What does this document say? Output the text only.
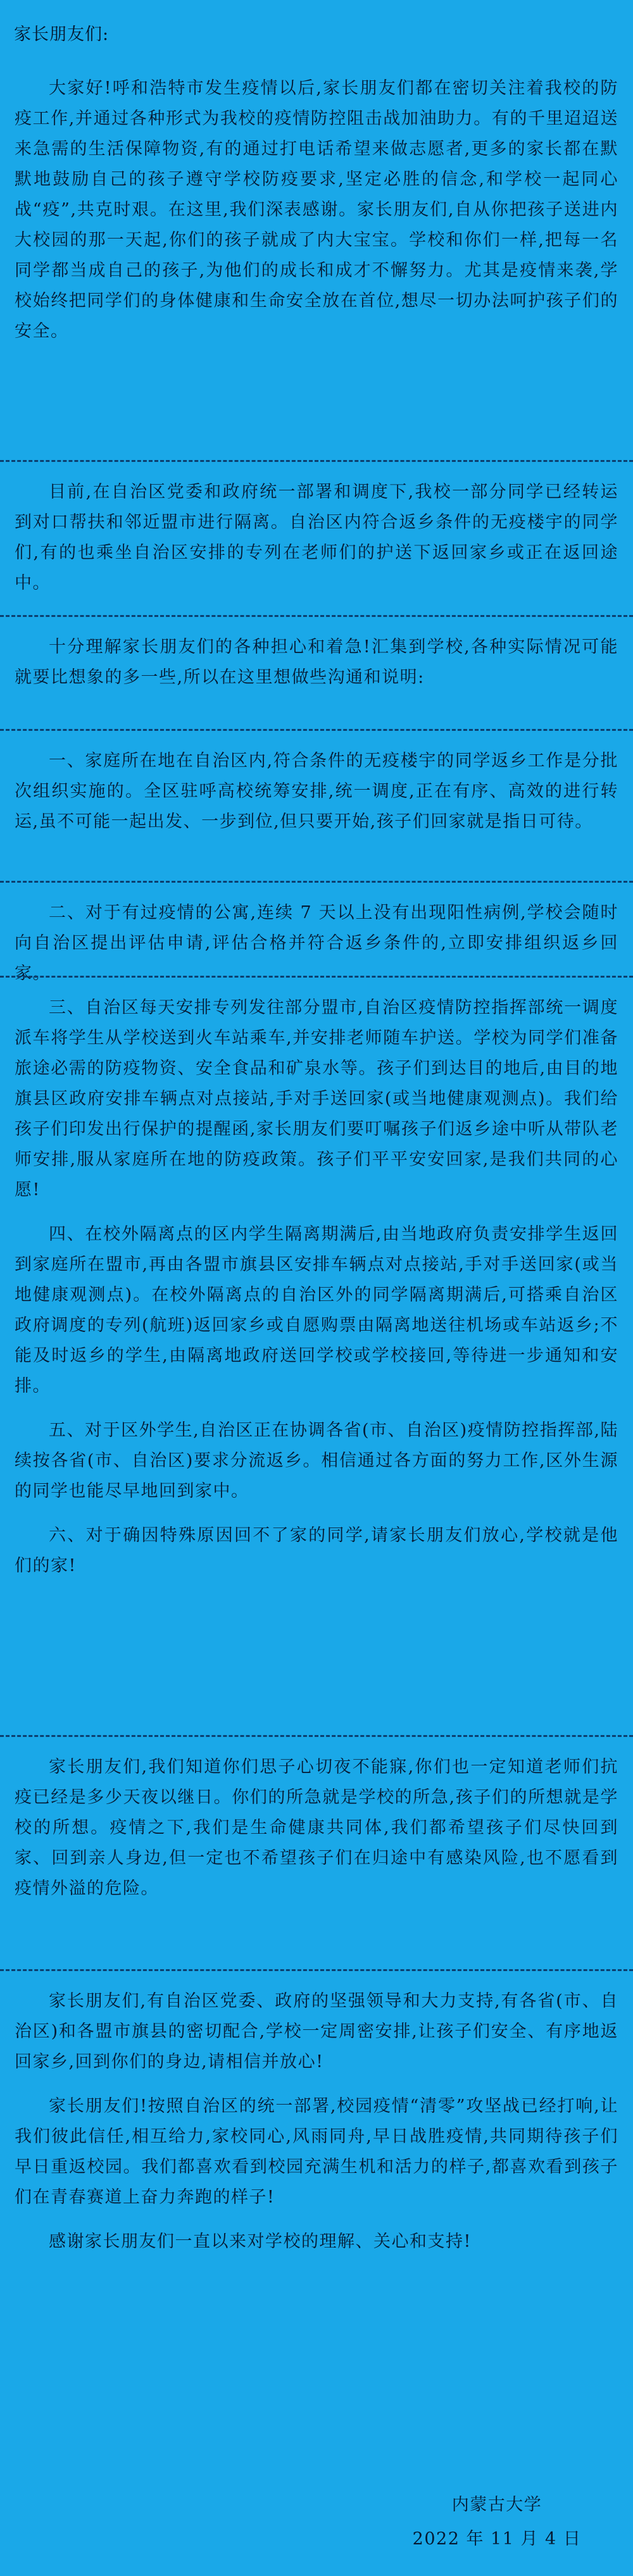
家长朋友们:

大家好!呼和浩特市发生疫情以后,家长朋友们都在密切关注着我校的防疫工作,并通过各种形式为我校的疫情防控阻击战加油助力。有的千里迢迢送来急需的生活保障物资,有的通过打电话希望来做志愿者,更多的家长都在默默地鼓励自己的孩子遵守学校防疫要求,坚定必胜的信念,和学校一起同心战“疫”,共克时艰。在这里,我们深表感谢。家长朋友们,自从你把孩子送进内大校园的那一天起,你们的孩子就成了内大宝宝。学校和你们一样,把每一名同学都当成自己的孩子,为他们的成长和成才不懈努力。尤其是疫情来袭,学校始终把同学们的身体健康和生命安全放在首位,想尽一切办法呵护孩子们的安全。

目前,在自治区党委和政府统一部署和调度下,我校一部分同学已经转运到对口帮扶和邻近盟市进行隔离。自治区内符合返乡条件的无疫楼宇的同学们,有的也乘坐自治区安排的专列在老师们的护送下返回家乡或正在返回途中。

十分理解家长朋友们的各种担心和着急!汇集到学校,各种实际情况可能就要比想象的多一些,所以在这里想做些沟通和说明:

一、家庭所在地在自治区内,符合条件的无疫楼宇的同学返乡工作是分批次组织实施的。全区驻呼高校统筹安排,统一调度,正在有序、高效的进行转运,虽不可能一起出发、一步到位,但只要开始,孩子们回家就是指日可待。

二、对于有过疫情的公寓,连续 7 天以上没有出现阳性病例,学校会随时向自治区提出评估申请,评估合格并符合返乡条件的,立即安排组织返乡回家。

三、自治区每天安排专列发往部分盟市,自治区疫情防控指挥部统一调度派车将学生从学校送到火车站乘车,并安排老师随车护送。学校为同学们准备旅途必需的防疫物资、安全食品和矿泉水等。孩子们到达目的地后,由目的地旗县区政府安排车辆点对点接站,手对手送回家(或当地健康观测点)。我们给孩子们印发出行保护的提醒函,家长朋友们要叮嘱孩子们返乡途中听从带队老师安排,服从家庭所在地的防疫政策。孩子们平平安安回家,是我们共同的心愿!

四、在校外隔离点的区内学生隔离期满后,由当地政府负责安排学生返回到家庭所在盟市,再由各盟市旗县区安排车辆点对点接站,手对手送回家(或当地健康观测点)。在校外隔离点的自治区外的同学隔离期满后,可搭乘自治区政府调度的专列(航班)返回家乡或自愿购票由隔离地送往机场或车站返乡;不能及时返乡的学生,由隔离地政府送回学校或学校接回,等待进一步通知和安排。

五、对于区外学生,自治区正在协调各省(市、自治区)疫情防控指挥部,陆续按各省(市、自治区)要求分流返乡。相信通过各方面的努力工作,区外生源的同学也能尽早地回到家中。

六、对于确因特殊原因回不了家的同学,请家长朋友们放心,学校就是他们的家!

家长朋友们,我们知道你们思子心切夜不能寐,你们也一定知道老师们抗疫已经是多少天夜以继日。你们的所急就是学校的所急,孩子们的所想就是学校的所想。疫情之下,我们是生命健康共同体,我们都希望孩子们尽快回到家、回到亲人身边,但一定也不希望孩子们在归途中有感染风险,也不愿看到疫情外溢的危险。

家长朋友们,有自治区党委、政府的坚强领导和大力支持,有各省(市、自治区)和各盟市旗县的密切配合,学校一定周密安排,让孩子们安全、有序地返回家乡,回到你们的身边,请相信并放心!

家长朋友们!按照自治区的统一部署,校园疫情“清零”攻坚战已经打响,让我们彼此信任,相互给力,家校同心,风雨同舟,早日战胜疫情,共同期待孩子们早日重返校园。我们都喜欢看到校园充满生机和活力的样子,都喜欢看到孩子们在青春赛道上奋力奔跑的样子!

感谢家长朋友们一直以来对学校的理解、关心和支持!

内蒙古大学
2022 年 11 月 4 日
